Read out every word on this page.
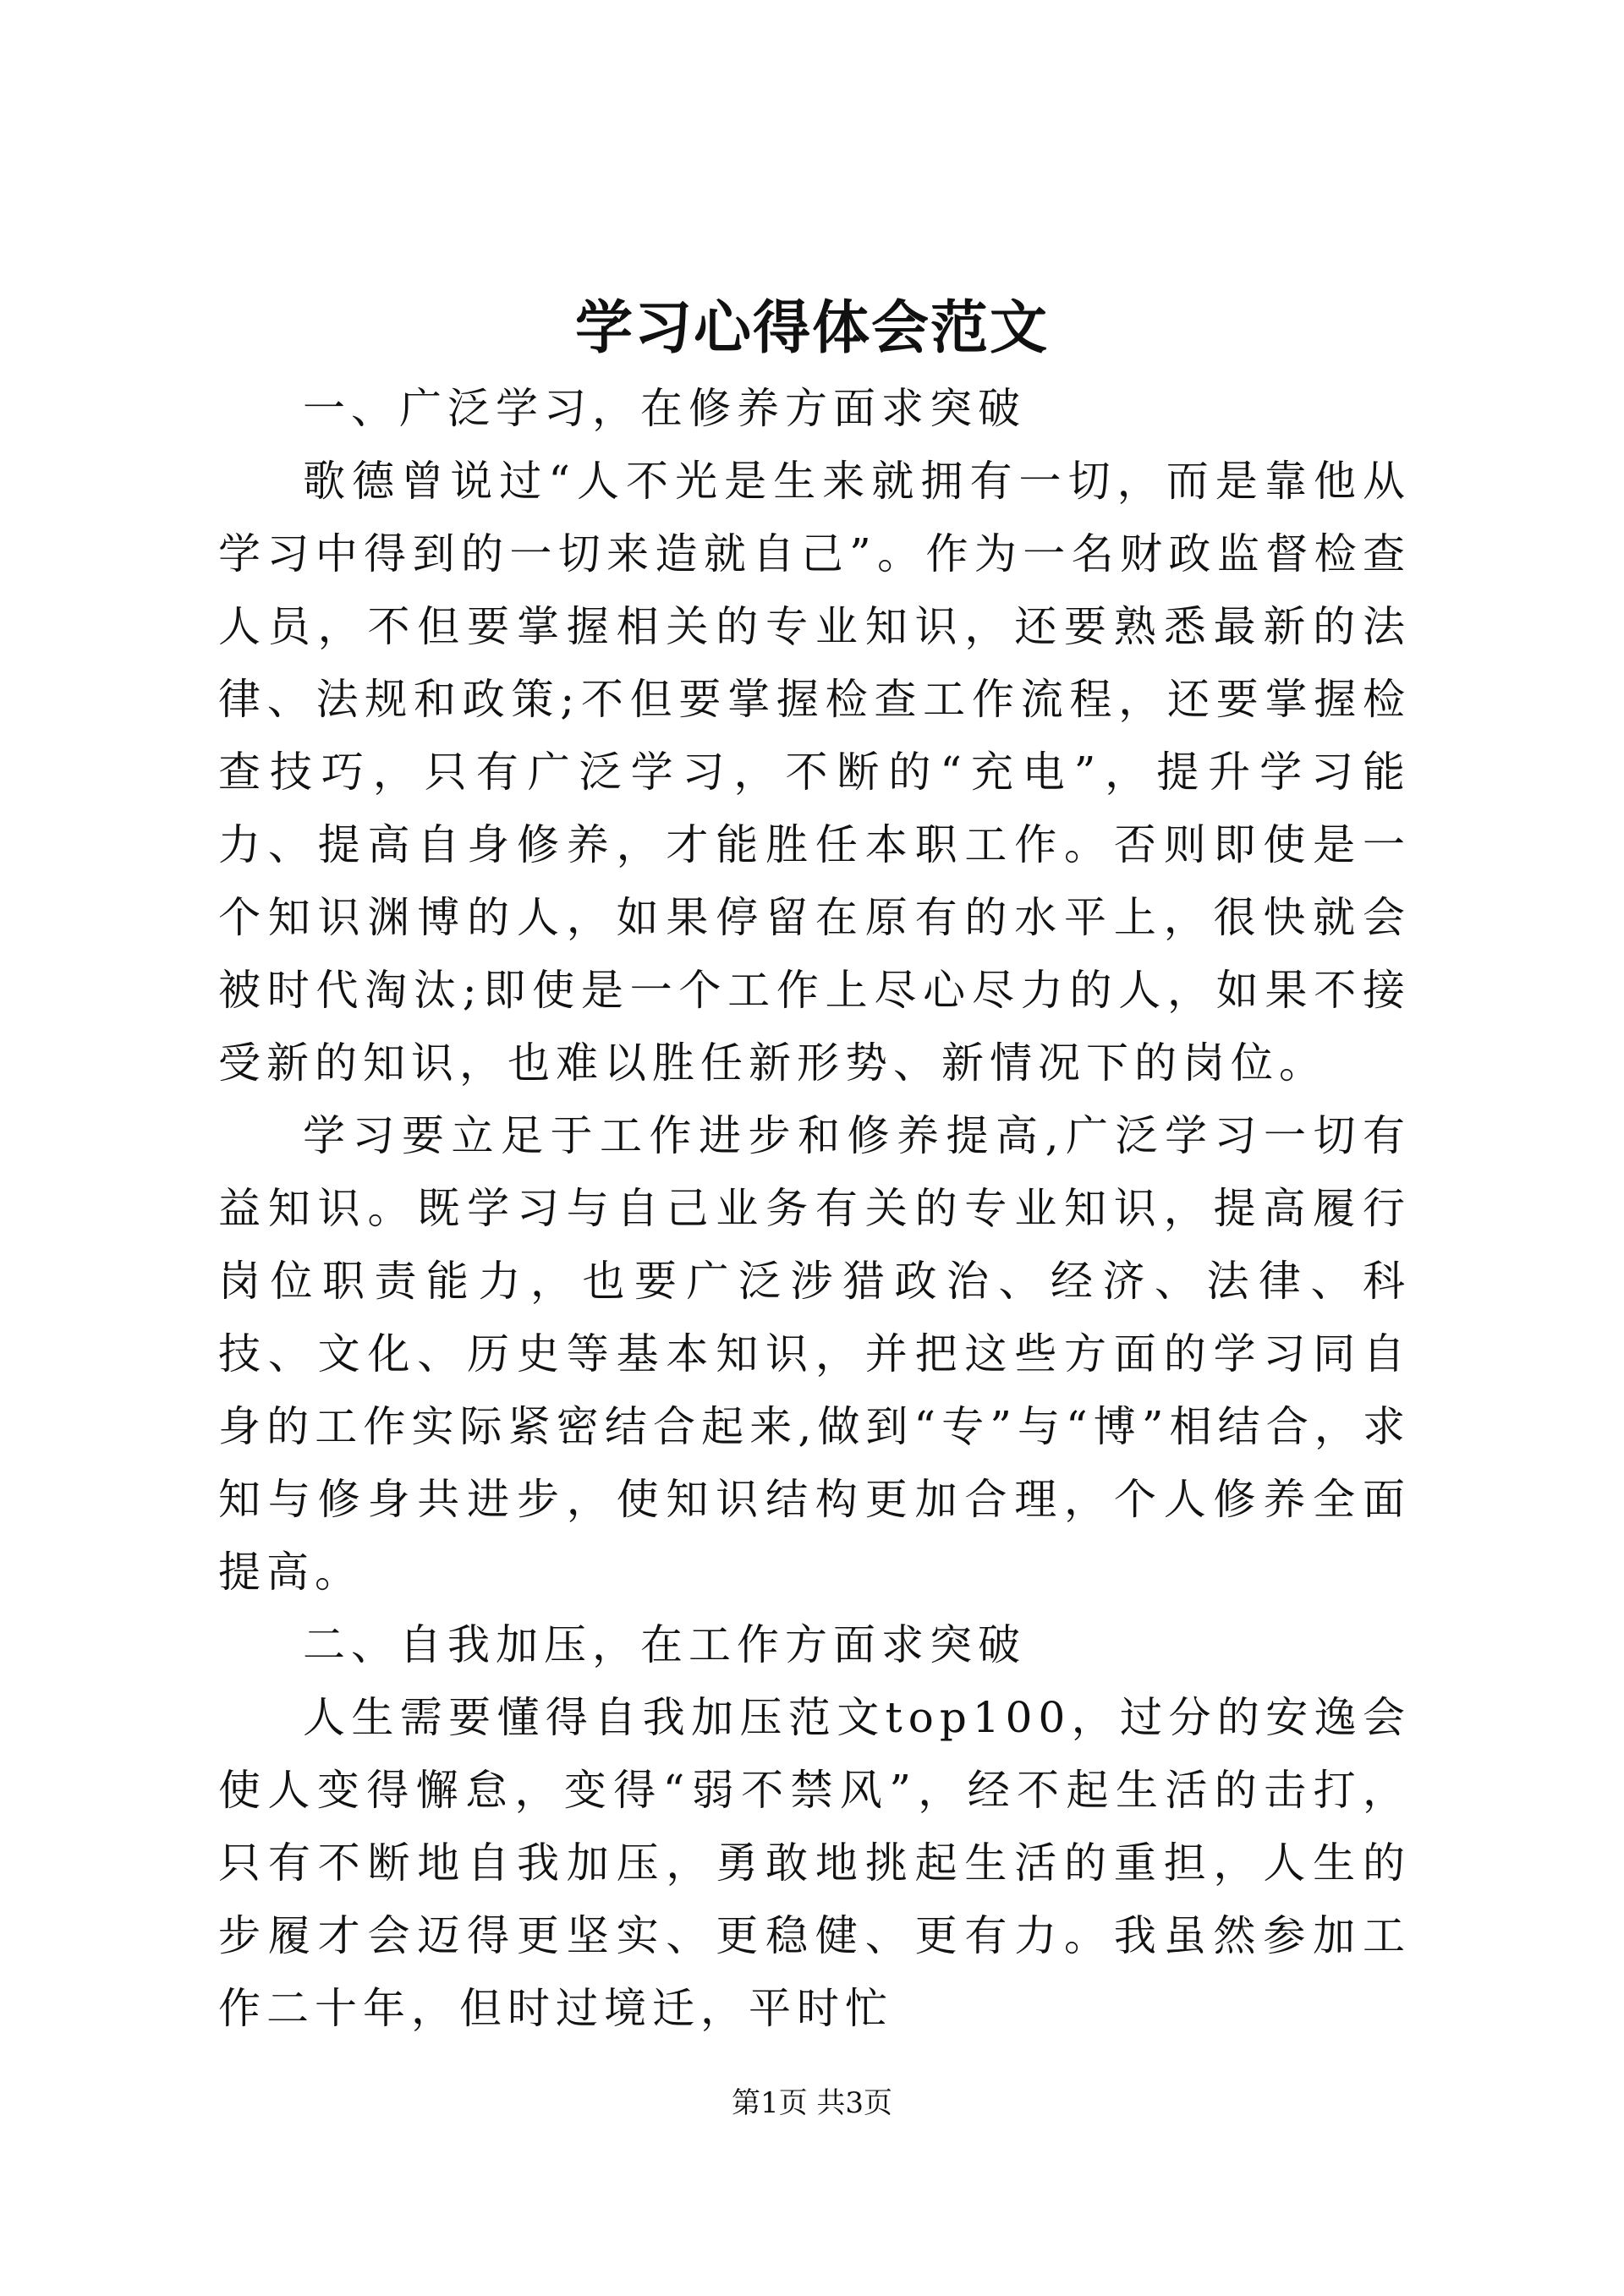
学习心得体会范文

一、广泛学习，在修养方面求突破

歌德曾说过“人不光是生来就拥有一切，而是靠他从学习中得到的一切来造就自己”。作为一名财政监督检查人员，不但要掌握相关的专业知识，还要熟悉最新的法律、法规和政策;不但要掌握检查工作流程，还要掌握检查技巧，只有广泛学习，不断的“充电”，提升学习能力、提高自身修养，才能胜任本职工作。否则即使是一个知识渊博的人，如果停留在原有的水平上，很快就会被时代淘汰;即使是一个工作上尽心尽力的人，如果不接受新的知识，也难以胜任新形势、新情况下的岗位。

学习要立足于工作进步和修养提高,广泛学习一切有益知识。既学习与自己业务有关的专业知识，提高履行岗位职责能力，也要广泛涉猎政治、经济、法律、科技、文化、历史等基本知识，并把这些方面的学习同自身的工作实际紧密结合起来,做到“专”与“博”相结合，求知与修身共进步，使知识结构更加合理，个人修养全面提高。

二、自我加压，在工作方面求突破

人生需要懂得自我加压范文top100，过分的安逸会使人变得懈怠，变得“弱不禁风”，经不起生活的击打，只有不断地自我加压，勇敢地挑起生活的重担，人生的步履才会迈得更坚实、更稳健、更有力。我虽然参加工作二十年，但时过境迁，平时忙

第1页 共3页
